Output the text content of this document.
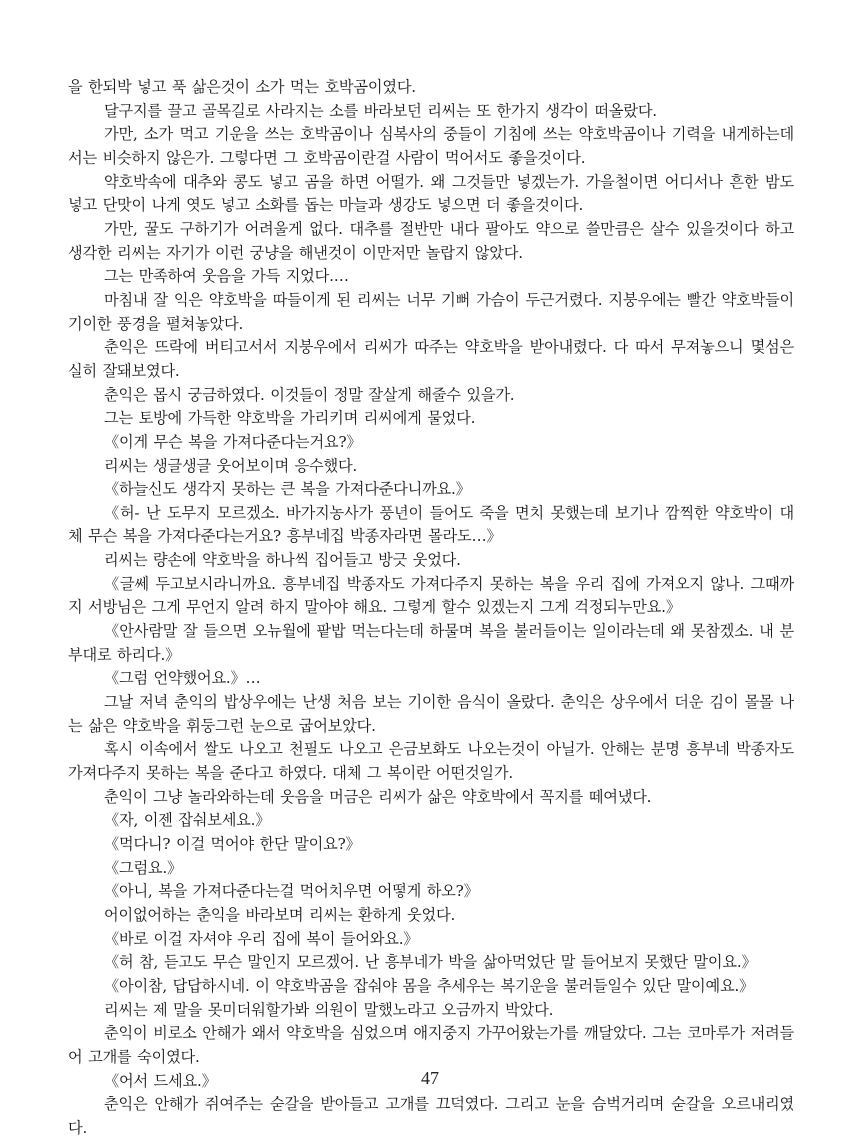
을 한되박 넣고 푹 삶은것이 소가 먹는 호박곰이였다.

달구지를 끌고 골목길로 사라지는 소를 바라보던 리씨는 또 한가지 생각이 떠올랐다.

가만, 소가 먹고 기운을 쓰는 호박곰이나 심복사의 중들이 기침에 쓰는 약호박곰이나 기력을 내게하는데서는 비슷하지 않은가. 그렇다면 그 호박곰이란걸 사람이 먹어서도 좋을것이다.

약호박속에 대추와 콩도 넣고 곰을 하면 어떨가. 왜 그것들만 넣겠는가. 가을철이면 어디서나 흔한 밤도 넣고 단맛이 나게 엿도 넣고 소화를 돕는 마늘과 생강도 넣으면 더 좋을것이다.

가만, 꿀도 구하기가 어려울게 없다. 대추를 절반만 내다 팔아도 약으로 쓸만큼은 살수 있을것이다 하고 생각한 리씨는 자기가 이런 궁냥을 해낸것이 이만저만 놀랍지 않았다.

그는 만족하여 웃음을 가득 지었다.…

마침내 잘 익은 약호박을 따들이게 된 리씨는 너무 기뻐 가슴이 두근거렸다. 지붕우에는 빨간 약호박들이 기이한 풍경을 펼쳐놓았다.

춘익은 뜨락에 버티고서서 지붕우에서 리씨가 따주는 약호박을 받아내렸다. 다 따서 무져놓으니 몇섬은 실히 잘돼보였다.

춘익은 몹시 궁금하였다. 이것들이 정말 잘살게 해줄수 있을가.

그는 토방에 가득한 약호박을 가리키며 리씨에게 물었다.

《이게 무슨 복을 가져다준다는거요?》

리씨는 생글생글 웃어보이며 응수했다.

《하늘신도 생각지 못하는 큰 복을 가져다준다니까요.》

《허- 난 도무지 모르겠소. 바가지농사가 풍년이 들어도 죽을 면치 못했는데 보기나 깜찍한 약호박이 대체 무슨 복을 가져다준다는거요? 흥부네집 박종자라면 몰라도…》

리씨는 량손에 약호박을 하나씩 집어들고 방긋 웃었다.

《글쎄 두고보시라니까요. 흥부네집 박종자도 가져다주지 못하는 복을 우리 집에 가져오지 않나. 그때까지 서방님은 그게 무언지 알려 하지 말아야 해요. 그렇게 할수 있겠는지 그게 걱정되누만요.》

《안사람말 잘 들으면 오뉴월에 팥밥 먹는다는데 하물며 복을 불러들이는 일이라는데 왜 못참겠소. 내 분부대로 하리다.》

《그럼 언약했어요.》…

그날 저녁 춘익의 밥상우에는 난생 처음 보는 기이한 음식이 올랐다. 춘익은 상우에서 더운 김이 몰몰 나는 삶은 약호박을 휘둥그런 눈으로 굽어보았다.

혹시 이속에서 쌀도 나오고 천필도 나오고 은금보화도 나오는것이 아닐가. 안해는 분명 흥부네 박종자도 가져다주지 못하는 복을 준다고 하였다. 대체 그 복이란 어떤것일가.

춘익이 그냥 놀라와하는데 웃음을 머금은 리씨가 삶은 약호박에서 꼭지를 떼여냈다.

《자, 이젠 잡숴보세요.》

《먹다니? 이걸 먹어야 한단 말이요?》

《그럼요.》

《아니, 복을 가져다준다는걸 먹어치우면 어떻게 하오?》

어이없어하는 춘익을 바라보며 리씨는 환하게 웃었다.

《바로 이걸 자셔야 우리 집에 복이 들어와요.》

《허 참, 듣고도 무슨 말인지 모르겠어. 난 흥부네가 박을 삶아먹었단 말 들어보지 못했단 말이요.》

《아이참, 답답하시네. 이 약호박곰을 잡숴야 몸을 추세우는 복기운을 불러들일수 있단 말이예요.》

리씨는 제 말을 못미더워할가봐 의원이 말했노라고 오금까지 박았다.

춘익이 비로소 안해가 왜서 약호박을 심었으며 애지중지 가꾸어왔는가를 깨달았다. 그는 코마루가 저려들어 고개를 숙이였다.

《어서 드세요.》

춘익은 안해가 쥐여주는 숟갈을 받아들고 고개를 끄덕였다. 그리고 눈을 슴벅거리며 숟갈을 오르내리였다.

47
